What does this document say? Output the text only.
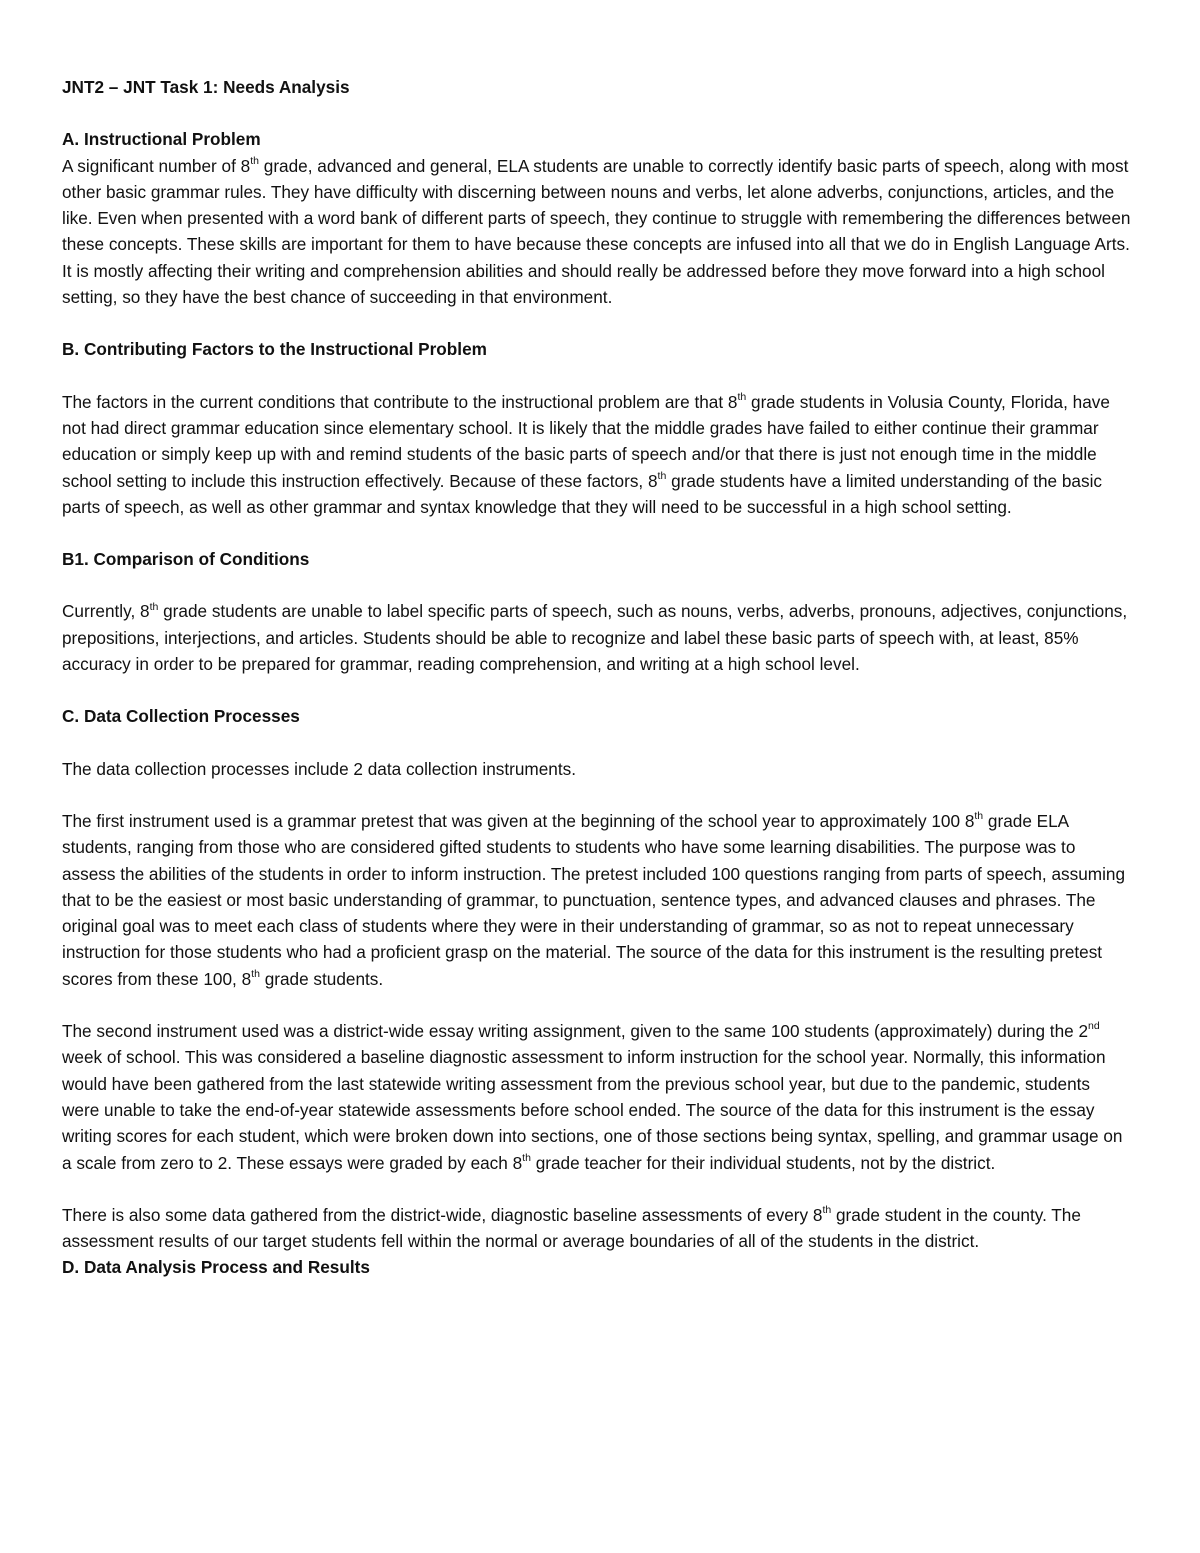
JNT2 – JNT Task 1: Needs Analysis

A. Instructional Problem

A significant number of 8th grade, advanced and general, ELA students are unable to correctly identify basic parts of speech, along with most other basic grammar rules. They have difficulty with discerning between nouns and verbs, let alone adverbs, conjunctions, articles, and the like. Even when presented with a word bank of different parts of speech, they continue to struggle with remembering the differences between these concepts. These skills are important for them to have because these concepts are infused into all that we do in English Language Arts. It is mostly affecting their writing and comprehension abilities and should really be addressed before they move forward into a high school setting, so they have the best chance of succeeding in that environment.

B. Contributing Factors to the Instructional Problem

The factors in the current conditions that contribute to the instructional problem are that 8th grade students in Volusia County, Florida, have not had direct grammar education since elementary school. It is likely that the middle grades have failed to either continue their grammar education or simply keep up with and remind students of the basic parts of speech and/or that there is just not enough time in the middle school setting to include this instruction effectively. Because of these factors, 8th grade students have a limited understanding of the basic parts of speech, as well as other grammar and syntax knowledge that they will need to be successful in a high school setting.

B1. Comparison of Conditions

Currently, 8th grade students are unable to label specific parts of speech, such as nouns, verbs, adverbs, pronouns, adjectives, conjunctions, prepositions, interjections, and articles. Students should be able to recognize and label these basic parts of speech with, at least, 85% accuracy in order to be prepared for grammar, reading comprehension, and writing at a high school level.

C. Data Collection Processes

The data collection processes include 2 data collection instruments.

The first instrument used is a grammar pretest that was given at the beginning of the school year to approximately 100 8th grade ELA students, ranging from those who are considered gifted students to students who have some learning disabilities. The purpose was to assess the abilities of the students in order to inform instruction. The pretest included 100 questions ranging from parts of speech, assuming that to be the easiest or most basic understanding of grammar, to punctuation, sentence types, and advanced clauses and phrases. The original goal was to meet each class of students where they were in their understanding of grammar, so as not to repeat unnecessary instruction for those students who had a proficient grasp on the material. The source of the data for this instrument is the resulting pretest scores from these 100, 8th grade students.

The second instrument used was a district-wide essay writing assignment, given to the same 100 students (approximately) during the 2nd week of school. This was considered a baseline diagnostic assessment to inform instruction for the school year. Normally, this information would have been gathered from the last statewide writing assessment from the previous school year, but due to the pandemic, students were unable to take the end-of-year statewide assessments before school ended. The source of the data for this instrument is the essay writing scores for each student, which were broken down into sections, one of those sections being syntax, spelling, and grammar usage on a scale from zero to 2. These essays were graded by each 8th grade teacher for their individual students, not by the district.

There is also some data gathered from the district-wide, diagnostic baseline assessments of every 8th grade student in the county. The assessment results of our target students fell within the normal or average boundaries of all of the students in the district.

D. Data Analysis Process and Results
